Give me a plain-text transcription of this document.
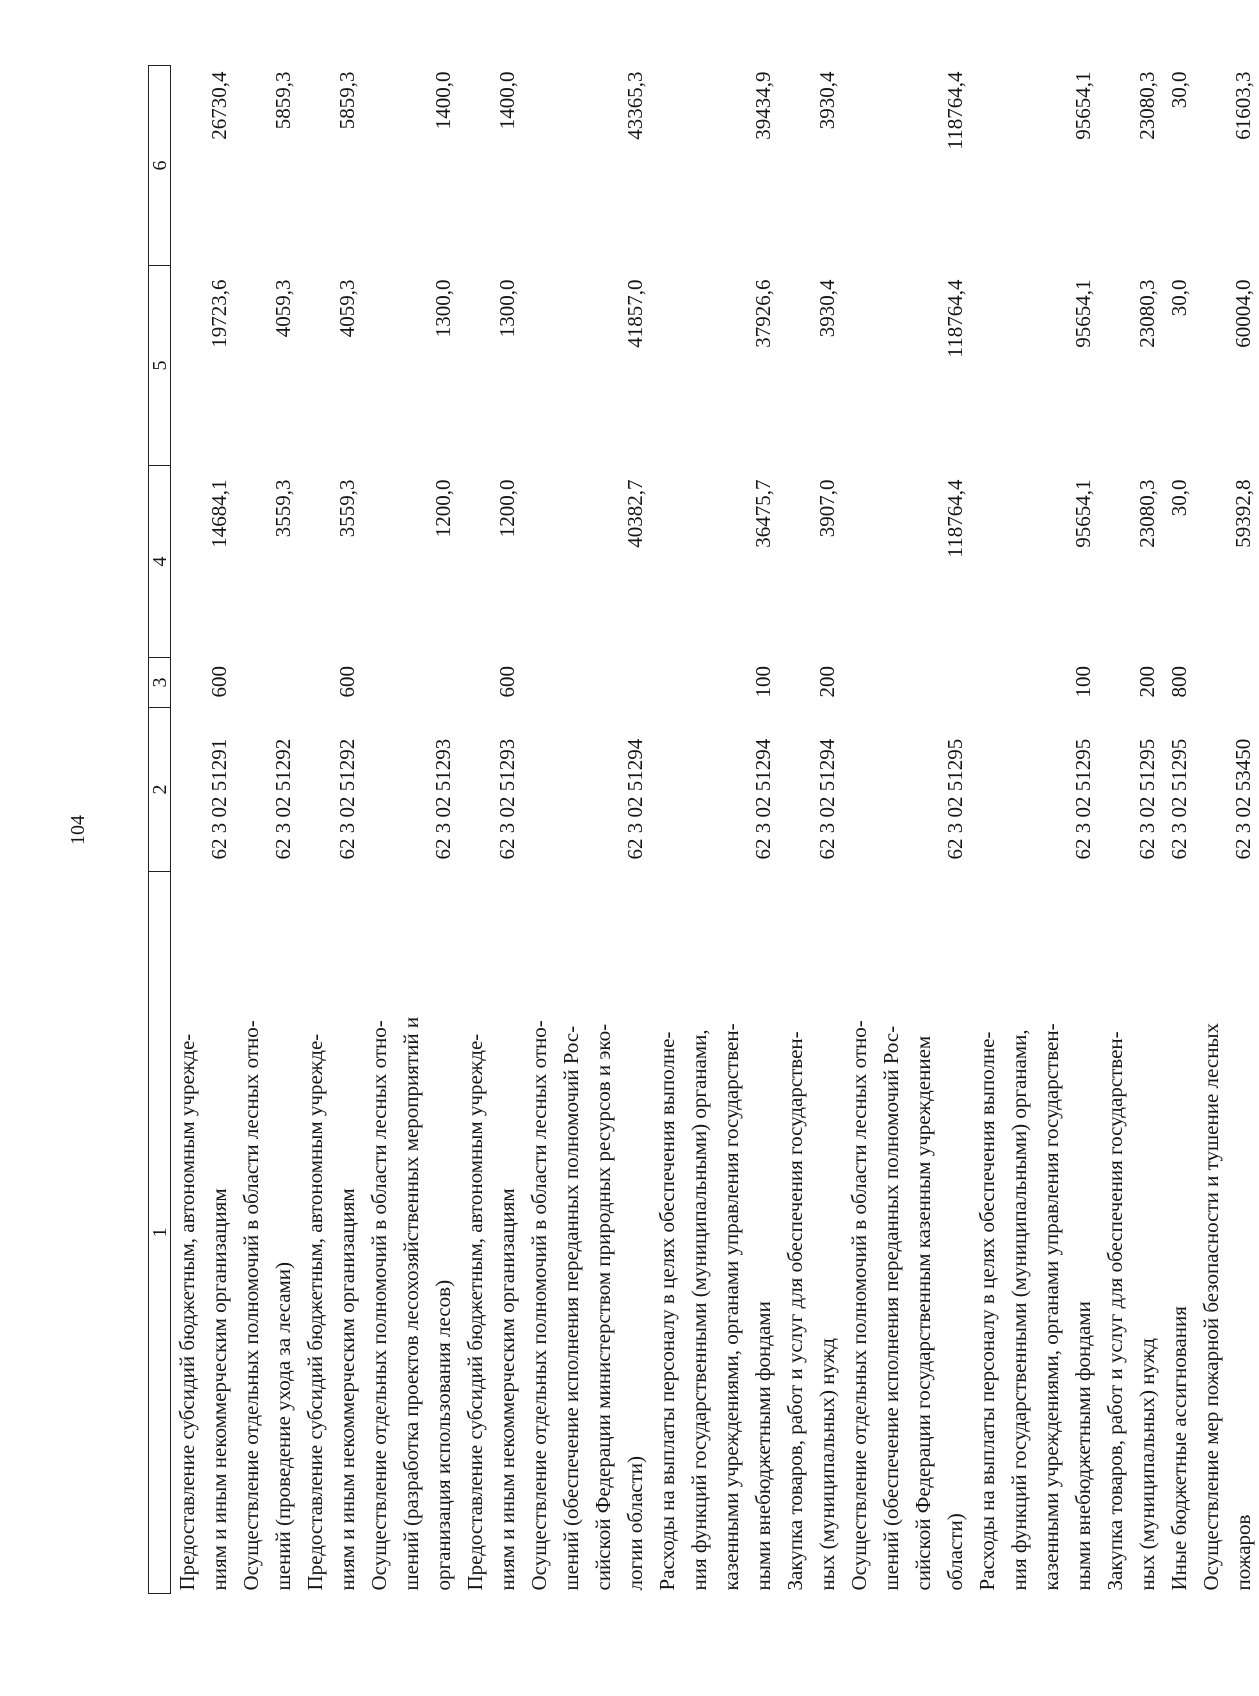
104
1	2	3	4	5	6

Предоставление субсидий бюджетным, автономным учрежде- ниям и иным некоммерческим организациям	62 3 02 51291	600	14684,1	19723,6	26730,4

Осуществление отдельных полномочий в области лесных отно- шений (проведение ухода за лесами)	62 3 02 51292		3559,3	4059,3	5859,3

Предоставление субсидий бюджетным, автономным учрежде- ниям и иным некоммерческим организациям	62 3 02 51292	600	3559,3	4059,3	5859,3

Осуществление отдельных полномочий в области лесных отно- шений (разработка проектов лесохозяйственных мероприятий и организация использования лесов)	62 3 02 51293		1200,0	1300,0	1400,0

Предоставление субсидий бюджетным, автономным учрежде- ниям и иным некоммерческим организациям	62 3 02 51293	600	1200,0	1300,0	1400,0

Осуществление отдельных полномочий в области лесных отно- шений (обеспечение исполнения переданных полномочий Рос- сийской Федерации министерством природных ресурсов и эко- логии области)	62 3 02 51294		40382,7	41857,0	43365,3

Расходы на выплаты персоналу в целях обеспечения выполне- ния функций государственными (муниципальными) органами, казенными учреждениями, органами управления государствен- ными внебюджетными фондами	62 3 02 51294	100	36475,7	37926,6	39434,9

Закупка товаров, работ и услуг для обеспечения государствен- ных (муниципальных) нужд	62 3 02 51294	200	3907,0	3930,4	3930,4

Осуществление отдельных полномочий в области лесных отно- шений (обеспечение исполнения переданных полномочий Рос- сийской Федерации государственным казенным учреждением области)	62 3 02 51295		118764,4	118764,4	118764,4

Расходы на выплаты персоналу в целях обеспечения выполне- ния функций государственными (муниципальными) органами, казенными учреждениями, органами управления государствен- ными внебюджетными фондами	62 3 02 51295	100	95654,1	95654,1	95654,1

Закупка товаров, работ и услуг для обеспечения государствен- ных (муниципальных) нужд	62 3 02 51295	200	23080,3	23080,3	23080,3

Иные бюджетные ассигнования	62 3 02 51295	800	30,0	30,0	30,0

Осуществление мер пожарной безопасности и тушение лесных пожаров	62 3 02 53450		59392,8	60004,0	61603,3
